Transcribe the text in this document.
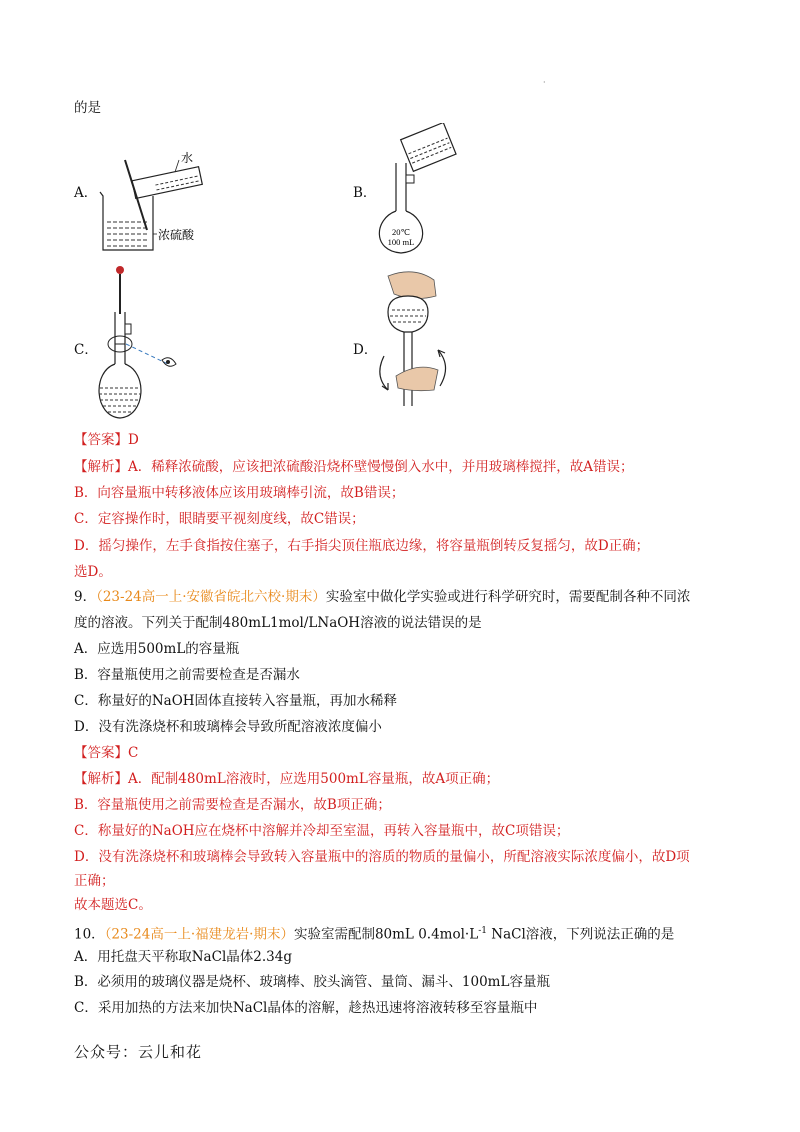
·
的是
A．
水
浓硫酸
B．
20℃
100 mL
C．	D．
【答案】D
【解析】A．稀释浓硫酸，应该把浓硫酸沿烧杯壁慢慢倒入水中，并用玻璃棒搅拌，故A错误；
B．向容量瓶中转移液体应该用玻璃棒引流，故B错误；
C．定容操作时，眼睛要平视刻度线，故C错误；
D．摇匀操作，左手食指按住塞子，右手指尖顶住瓶底边缘，将容量瓶倒转反复摇匀，故D正确；
选D。
9．（23-24高一上·安徽省皖北六校·期末）实验室中做化学实验或进行科学研究时，需要配制各种不同浓
度的溶液。下列关于配制480mL1mol/LNaOH溶液的说法错误的是
A．应选用500mL的容量瓶
B．容量瓶使用之前需要检查是否漏水
C．称量好的NaOH固体直接转入容量瓶，再加水稀释
D．没有洗涤烧杯和玻璃棒会导致所配溶液浓度偏小
【答案】C
【解析】A．配制480mL溶液时，应选用500mL容量瓶，故A项正确；
B．容量瓶使用之前需要检查是否漏水，故B项正确；
C．称量好的NaOH应在烧杯中溶解并冷却至室温，再转入容量瓶中，故C项错误；
D．没有洗涤烧杯和玻璃棒会导致转入容量瓶中的溶质的物质的量偏小，所配溶液实际浓度偏小，故D项
正确；
故本题选C。
10．（23-24高一上·福建龙岩·期末）实验室需配制80mL $0.4mol\cdot L^{-1}$ NaCl溶液，下列说法正确的是
A．用托盘天平称取NaCl晶体2.34g
B．必须用的玻璃仪器是烧杯、玻璃棒、胶头滴管、量筒、漏斗、100mL容量瓶
C．采用加热的方法来加快NaCl晶体的溶解，趁热迅速将溶液转移至容量瓶中
公众号：云儿和花
